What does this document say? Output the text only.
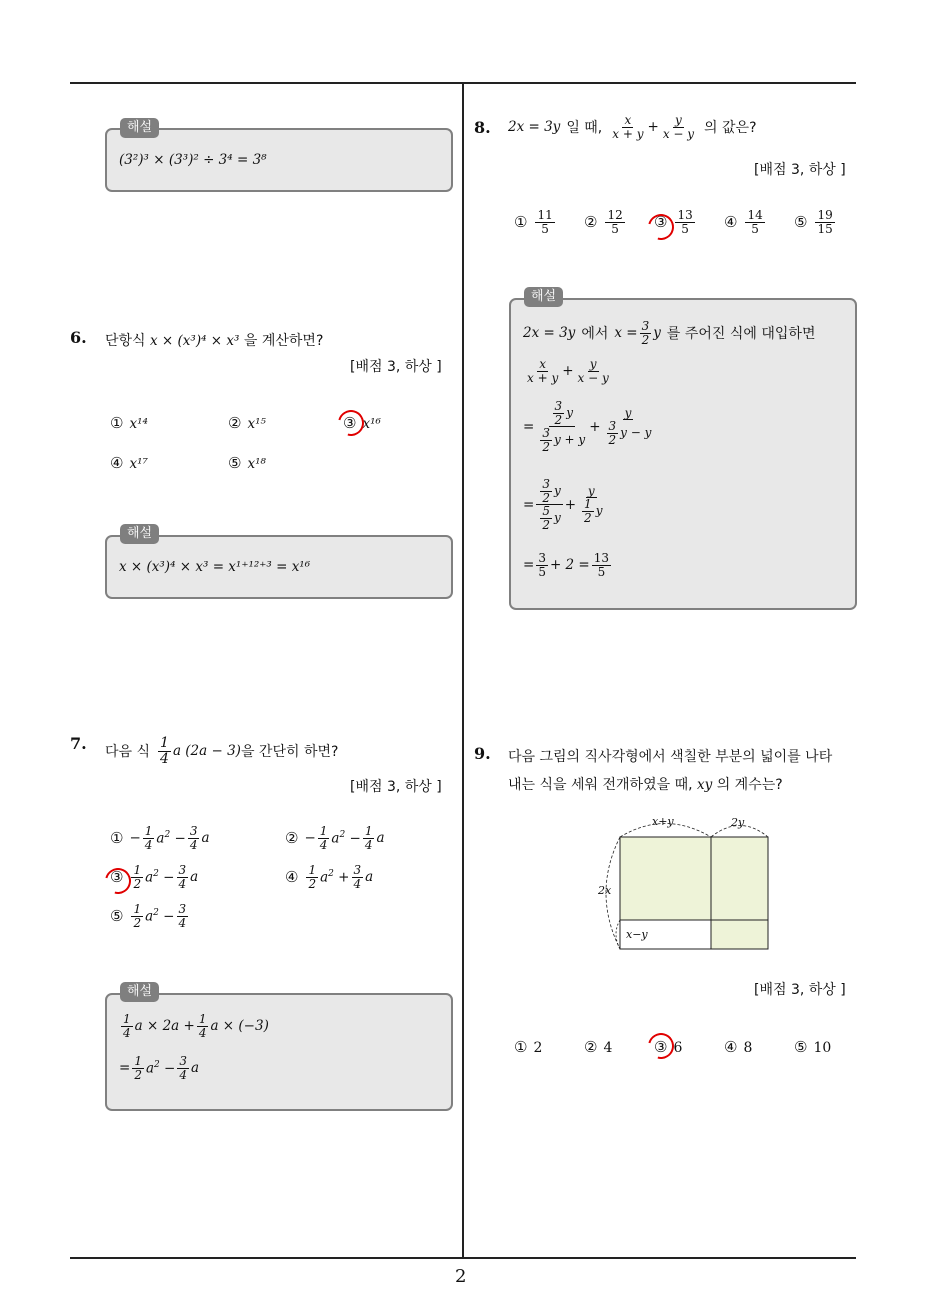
2
(3²)³ × (3³)² ÷ 3⁴ = 3⁸
해설
6. 단항식 x × (x³)⁴ × x³ 을 계산하면?
[배점 3, 하상 ]
① x¹⁴	② x¹⁵	③ x¹⁶
④ x¹⁷	⑤ x¹⁸
x × (x³)⁴ × x³ = x¹⁺¹²⁺³ = x¹⁶
해설
7. 다음 식 $\frac{1}{4}$ a (2a − 3) 을 간단히 하면?
[배점 3, 하상 ]
① − $\frac{1}{4} a^2 - \frac{3}{4}$ a	② − $\frac{1}{4} a^2 - \frac{1}{4}$ a
③ $\frac{1}{2} a^2 - \frac{3}{4}$ a	④ $\frac{1}{2} a^2 + \frac{3}{4}$ a
⑤ $\frac{1}{2} a^2 - \frac{3}{4}$
$\frac{1}{4}$ $a \times 2a + \frac{1}{4}$ a × (−3)
= $\frac{1}{2} a^2 - \frac{3}{4}$ a
해설
8. 2x = 3y 일 때, $\frac{x}{x + y} + \frac{y}{x - y}$ 의 값은?
[배점 3, 하상 ]
① $\frac{11}{5}$ ② $\frac{12}{5}$ ③ $\frac{13}{5}$ ④ $\frac{14}{5}$ ⑤ $\frac{19}{15}$
2x = 3y 에서 $x = \frac{3}{2}$ y 를 주어진 식에 대입하면
$\frac{x}{x + y} + \frac{y}{x - y}$
= $\frac{\frac{3}{2} y}{\frac{3}{2} y + y} + \frac{y}{\frac{3}{2} y - y}$
= $\frac{\frac{3}{2} y}{\frac{5}{2} y} + \frac{y}{\frac{1}{2} y}$
= $\frac{3}{5} + 2 = \frac{13}{5}$
해설
9. 다음 그림의 직사각형에서 색칠한 부분의 넓이를 나타
내는 식을 세워 전개하였을 때, xy 의 계수는?
x+y	2y
2x
x−y
[배점 3, 하상 ]
① 2	② 4	③ 6	④ 8	⑤ 10
